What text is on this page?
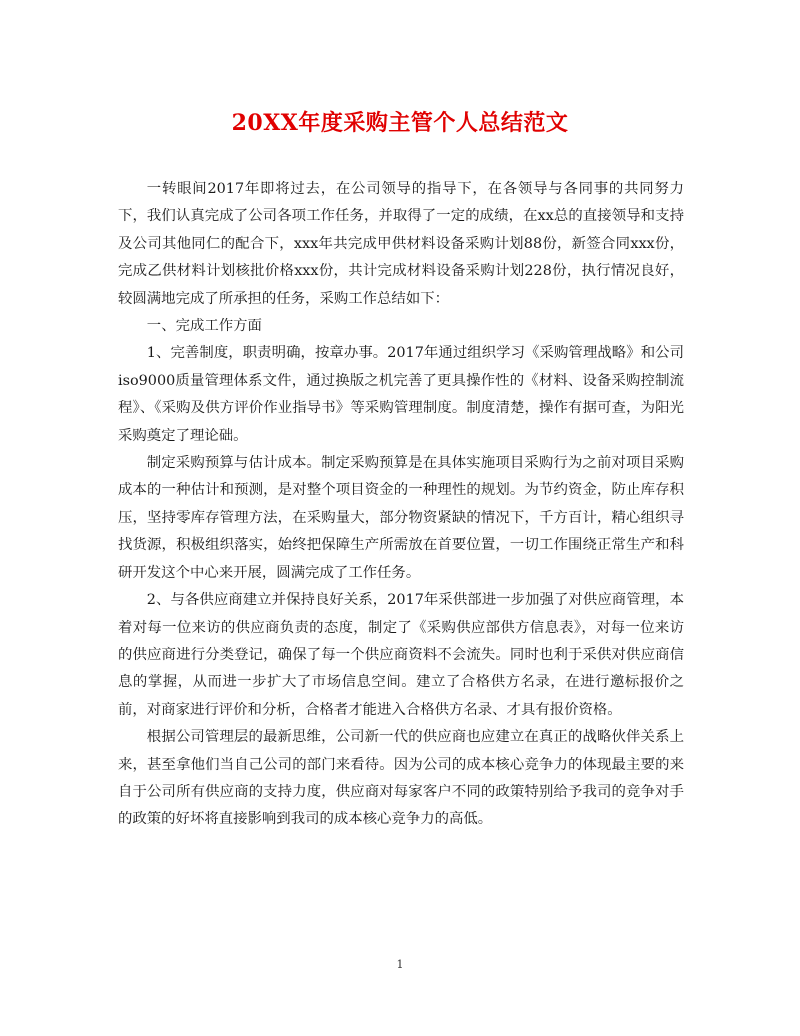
20XX年度采购主管个人总结范文

一转眼间2017年即将过去，在公司领导的指导下，在各领导与各同事的共同努力下，我们认真完成了公司各项工作任务，并取得了一定的成绩，在xx总的直接领导和支持及公司其他同仁的配合下，xxx年共完成甲供材料设备采购计划88份，新签合同xxx份，完成乙供材料计划核批价格xxx份，共计完成材料设备采购计划228份，执行情况良好，较圆满地完成了所承担的任务，采购工作总结如下：

一、完成工作方面

1、完善制度，职责明确，按章办事。2017年通过组织学习《采购管理战略》和公司iso9000质量管理体系文件，通过换版之机完善了更具操作性的《材料、设备采购控制流程》、《采购及供方评价作业指导书》等采购管理制度。制度清楚，操作有据可查，为阳光采购奠定了理论础。

制定采购预算与估计成本。制定采购预算是在具体实施项目采购行为之前对项目采购成本的一种估计和预测，是对整个项目资金的一种理性的规划。为节约资金，防止库存积压，坚持零库存管理方法，在采购量大，部分物资紧缺的情况下，千方百计，精心组织寻找货源，积极组织落实，始终把保障生产所需放在首要位置，一切工作围绕正常生产和科研开发这个中心来开展，圆满完成了工作任务。

2、与各供应商建立并保持良好关系，2017年采供部进一步加强了对供应商管理，本着对每一位来访的供应商负责的态度，制定了《采购供应部供方信息表》，对每一位来访的供应商进行分类登记，确保了每一个供应商资料不会流失。同时也利于采供对供应商信息的掌握，从而进一步扩大了市场信息空间。建立了合格供方名录，在进行邀标报价之前，对商家进行评价和分析，合格者才能进入合格供方名录、才具有报价资格。

根据公司管理层的最新思维，公司新一代的供应商也应建立在真正的战略伙伴关系上来，甚至拿他们当自己公司的部门来看待。因为公司的成本核心竞争力的体现最主要的来自于公司所有供应商的支持力度，供应商对每家客户不同的政策特别给予我司的竞争对手的政策的好坏将直接影响到我司的成本核心竞争力的高低。

1
